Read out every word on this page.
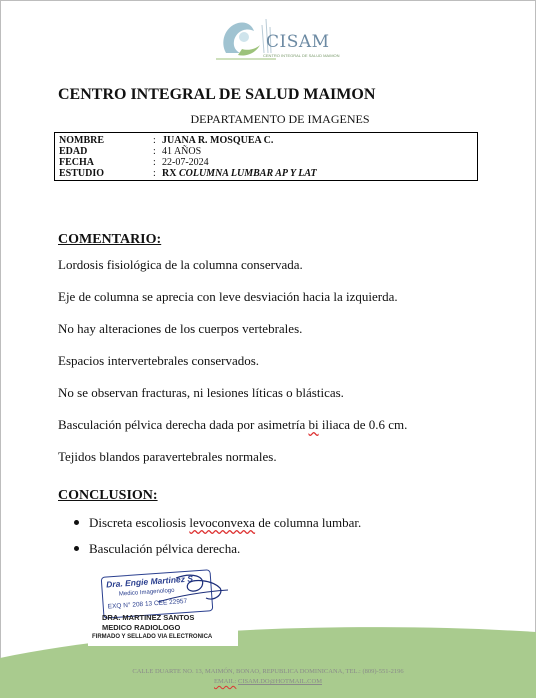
CISAM
CENTRO INTEGRAL DE SALUD MAIMON
CENTRO INTEGRAL DE SALUD MAIMON
DEPARTAMENTO DE IMAGENES
NOMBRE	: JUANA R. MOSQUEA C.
EDAD	: 41 AÑOS
FECHA	: 22-07-2024
ESTUDIO	: RX COLUMNA LUMBAR AP Y LAT
COMENTARIO:
Lordosis fisiológica de la columna conservada.
Eje de columna se aprecia con leve desviación hacia la izquierda.
No hay alteraciones de los cuerpos vertebrales.
Espacios intervertebrales conservados.
No se observan fracturas, ni lesiones líticas o blásticas.
Basculación pélvica derecha dada por asimetría bi iliaca de 0.6 cm.
Tejidos blandos paravertebrales normales.
CONCLUSION:
Discreta escoliosis levoconvexa de columna lumbar.
Basculación pélvica derecha.
Dra. Engie Martinez S.
Medico Imagenologo
EXQ N° 208 13 CEE 22957
DRA. MARTINEZ SANTOS
MEDICO RADIOLOGO
FIRMADO Y SELLADO VIA ELECTRONICA
CALLE DUARTE NO. 13, MAIMÓN, BONAO, REPUBLICA DOMINICANA, TEL.: (809)-551-2196
EMAIL: CISAM.DO@HOTMAIL.COM
